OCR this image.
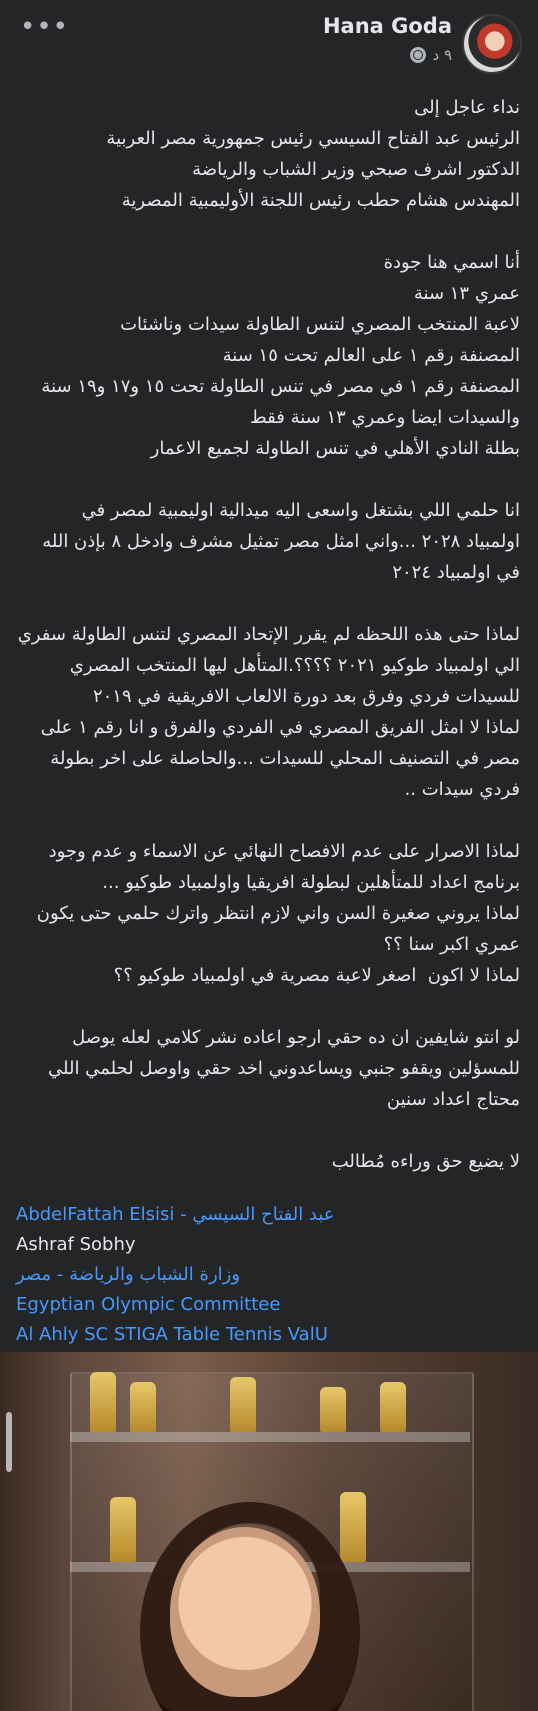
•••	Hana Goda
٩ د

نداء عاجل إلى
الرئيس عبد الفتاح السيسي رئيس جمهورية مصر العربية
الدكتور اشرف صبحي وزير الشباب والرياضة
المهندس هشام حطب رئيس اللجنة الأوليمبية المصرية

أنا اسمي هنا جودة
عمري ١٣ سنة
لاعبة المنتخب المصري لتنس الطاولة سيدات وناشئات
المصنفة رقم ١ على العالم تحت ١٥ سنة
المصنفة رقم ١ في مصر في تنس الطاولة تحت ١٥ و١٧ و١٩ سنة
والسيدات ايضا وعمري ١٣ سنة فقط
بطلة النادي الأهلي في تنس الطاولة لجميع الاعمار

انا حلمي اللي بشتغل واسعى اليه ميدالية اوليمبية لمصر في
اولمبياد ٢٠٢٨ ...واني امثل مصر تمثيل مشرف وادخل ٨ بإذن الله
في اولمبياد ٢٠٢٤

لماذا حتى هذه اللحظه لم يقرر الإتحاد المصري لتنس الطاولة سفري
الي اولمبياد طوكيو ٢٠٢١ ؟؟؟؟.المتأهل ليها المنتخب المصري
للسيدات فردي وفرق بعد دورة الالعاب الافريقية في ٢٠١٩
لماذا لا امثل الفريق المصري في الفردي والفرق و انا رقم ١ على
مصر في التصنيف المحلي للسيدات ...والحاصلة على اخر بطولة
فردي سيدات ..

لماذا الاصرار على عدم الافصاح النهائي عن الاسماء و عدم وجود
برنامج اعداد للمتأهلين لبطولة افريقيا واولمبياد طوكيو ...
لماذا يروني صغيرة السن واني لازم انتظر واترك حلمي حتى يكون
عمري اكبر سنا ؟؟
لماذا لا اكون  اصغر لاعبة مصرية في اولمبياد طوكيو ؟؟

لو انتو شايفين ان ده حقي ارجو اعاده نشر كلامي لعله يوصل
للمسؤلين ويقفو جنبي ويساعدوني اخد حقي واوصل لحلمي اللي
محتاج اعداد سنين

لا يضيع حق وراءه مُطالب

AbdelFattah Elsisi - عبد الفتاح السيسي
Ashraf Sobhy
وزارة الشباب والرياضة - مصر
Egyptian Olympic Committee
Al Ahly SC STIGA Table Tennis ValU
